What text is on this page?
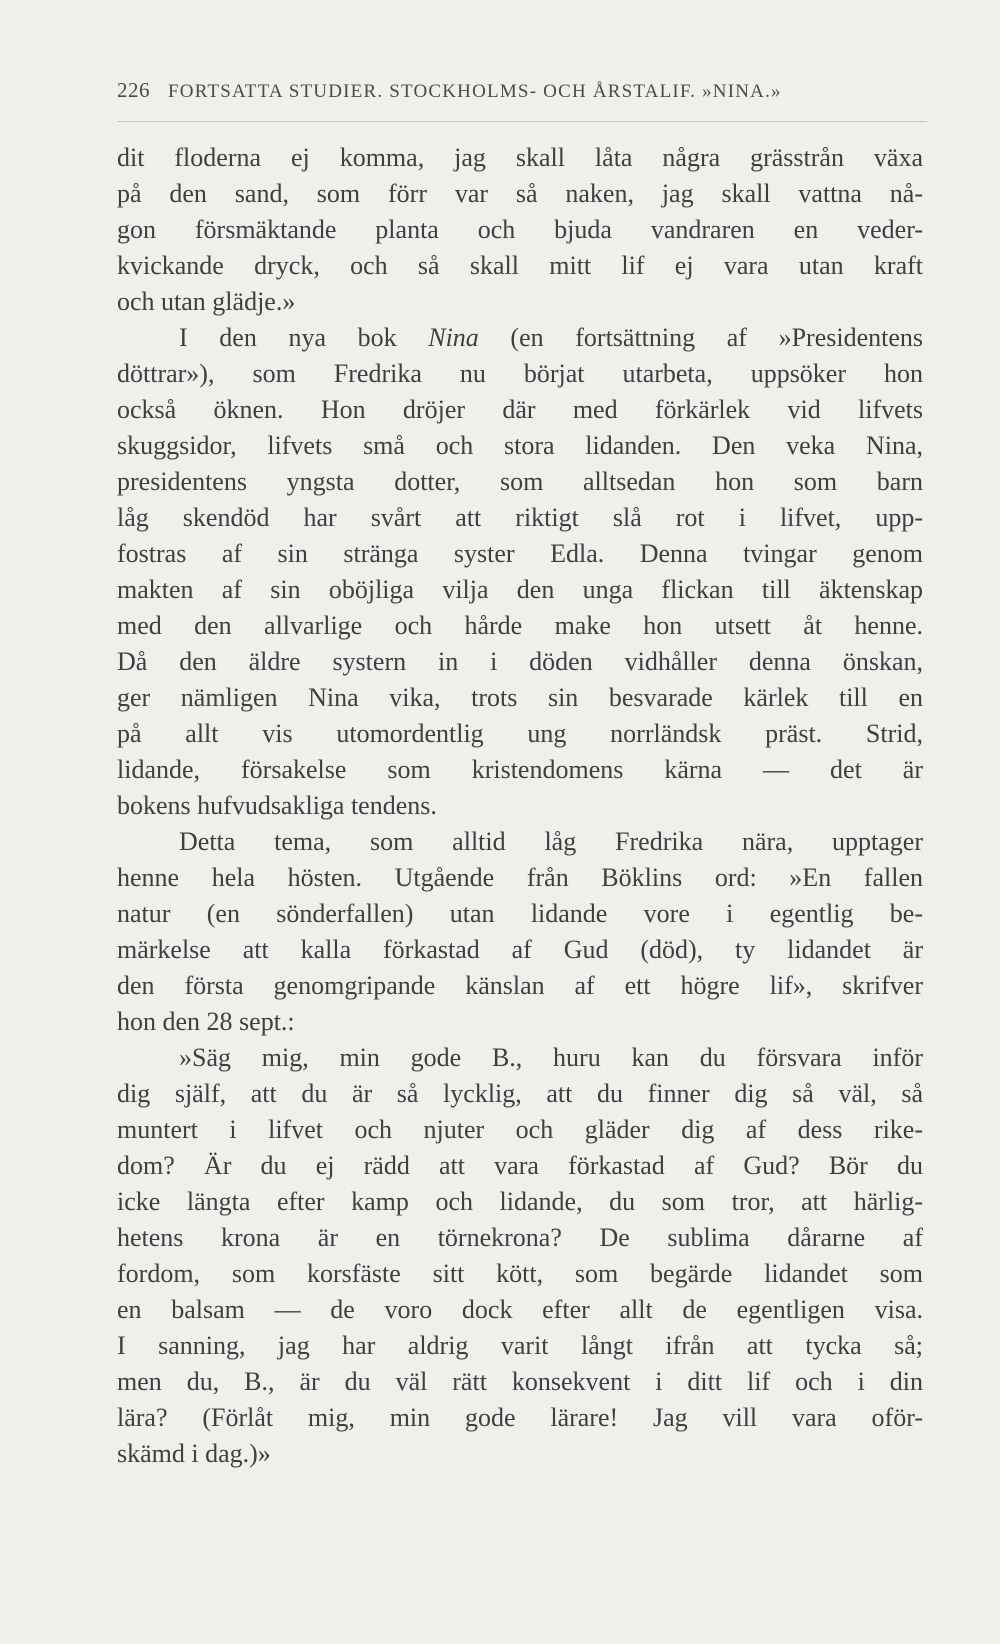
226 FORTSATTA STUDIER. STOCKHOLMS- OCH ÅRSTALIF. »NINA.»
dit floderna ej komma, jag skall låta några grässtrån växa
på den sand, som förr var så naken, jag skall vattna nå-
gon försmäktande planta och bjuda vandraren en veder-
kvickande dryck, och så skall mitt lif ej vara utan kraft
och utan glädje.»
I den nya bok Nina (en fortsättning af »Presidentens
döttrar»), som Fredrika nu börjat utarbeta, uppsöker hon
också öknen. Hon dröjer där med förkärlek vid lifvets
skuggsidor, lifvets små och stora lidanden. Den veka Nina,
presidentens yngsta dotter, som alltsedan hon som barn
låg skendöd har svårt att riktigt slå rot i lifvet, upp-
fostras af sin stränga syster Edla. Denna tvingar genom
makten af sin oböjliga vilja den unga flickan till äktenskap
med den allvarlige och hårde make hon utsett åt henne.
Då den äldre systern in i döden vidhåller denna önskan,
ger nämligen Nina vika, trots sin besvarade kärlek till en
på allt vis utomordentlig ung norrländsk präst. Strid,
lidande, försakelse som kristendomens kärna — det är
bokens hufvudsakliga tendens.
Detta tema, som alltid låg Fredrika nära, upptager
henne hela hösten. Utgående från Böklins ord: »En fallen
natur (en sönderfallen) utan lidande vore i egentlig be-
märkelse att kalla förkastad af Gud (död), ty lidandet är
den första genomgripande känslan af ett högre lif», skrifver
hon den 28 sept.:
»Säg mig, min gode B., huru kan du försvara inför
dig själf, att du är så lycklig, att du finner dig så väl, så
muntert i lifvet och njuter och gläder dig af dess rike-
dom? Är du ej rädd att vara förkastad af Gud? Bör du
icke längta efter kamp och lidande, du som tror, att härlig-
hetens krona är en törnekrona? De sublima dårarne af
fordom, som korsfäste sitt kött, som begärde lidandet som
en balsam — de voro dock efter allt de egentligen visa.
I sanning, jag har aldrig varit långt ifrån att tycka så;
men du, B., är du väl rätt konsekvent i ditt lif och i din
lära? (Förlåt mig, min gode lärare! Jag vill vara oför-
skämd i dag.)»
